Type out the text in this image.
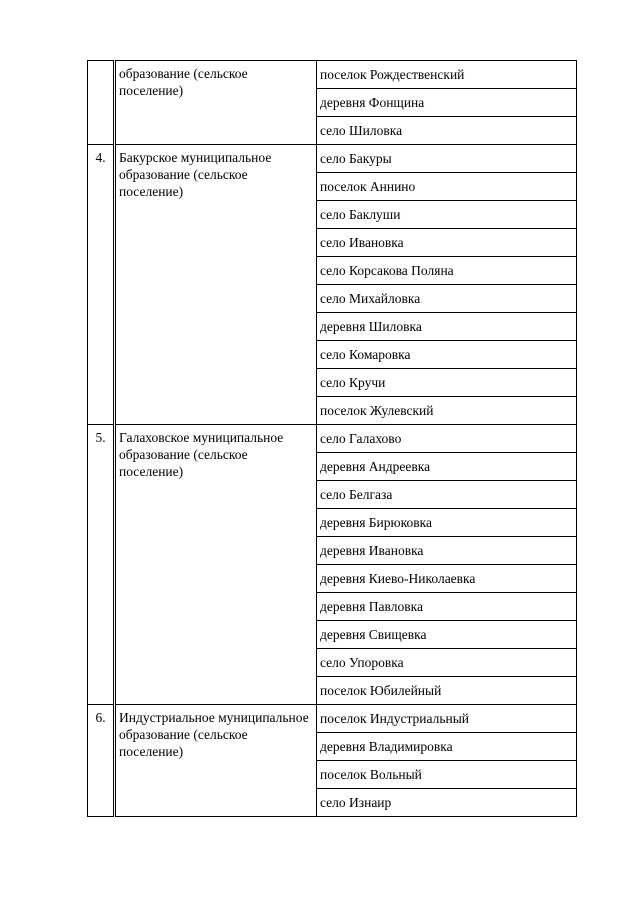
	образование (сельское поселение)	поселок Рождественский
		деревня Фонщина
		село Шиловка
4.	Бакурское муниципальное образование (сельское поселение)	село Бакуры
		поселок Аннино
		село Баклуши
		село Ивановка
		село Корсакова Поляна
		село Михайловка
		деревня Шиловка
		село Комаровка
		село Кручи
		поселок Жулевский
5.	Галаховское муниципальное образование (сельское поселение)	село Галахово
		деревня Андреевка
		село Белгаза
		деревня Бирюковка
		деревня Ивановка
		деревня Киево-Николаевка
		деревня Павловка
		деревня Свищевка
		село Упоровка
		поселок Юбилейный
6.	Индустриальное муниципальное образование (сельское поселение)	поселок Индустриальный
		деревня Владимировка
		поселок Вольный
		село Изнаир
